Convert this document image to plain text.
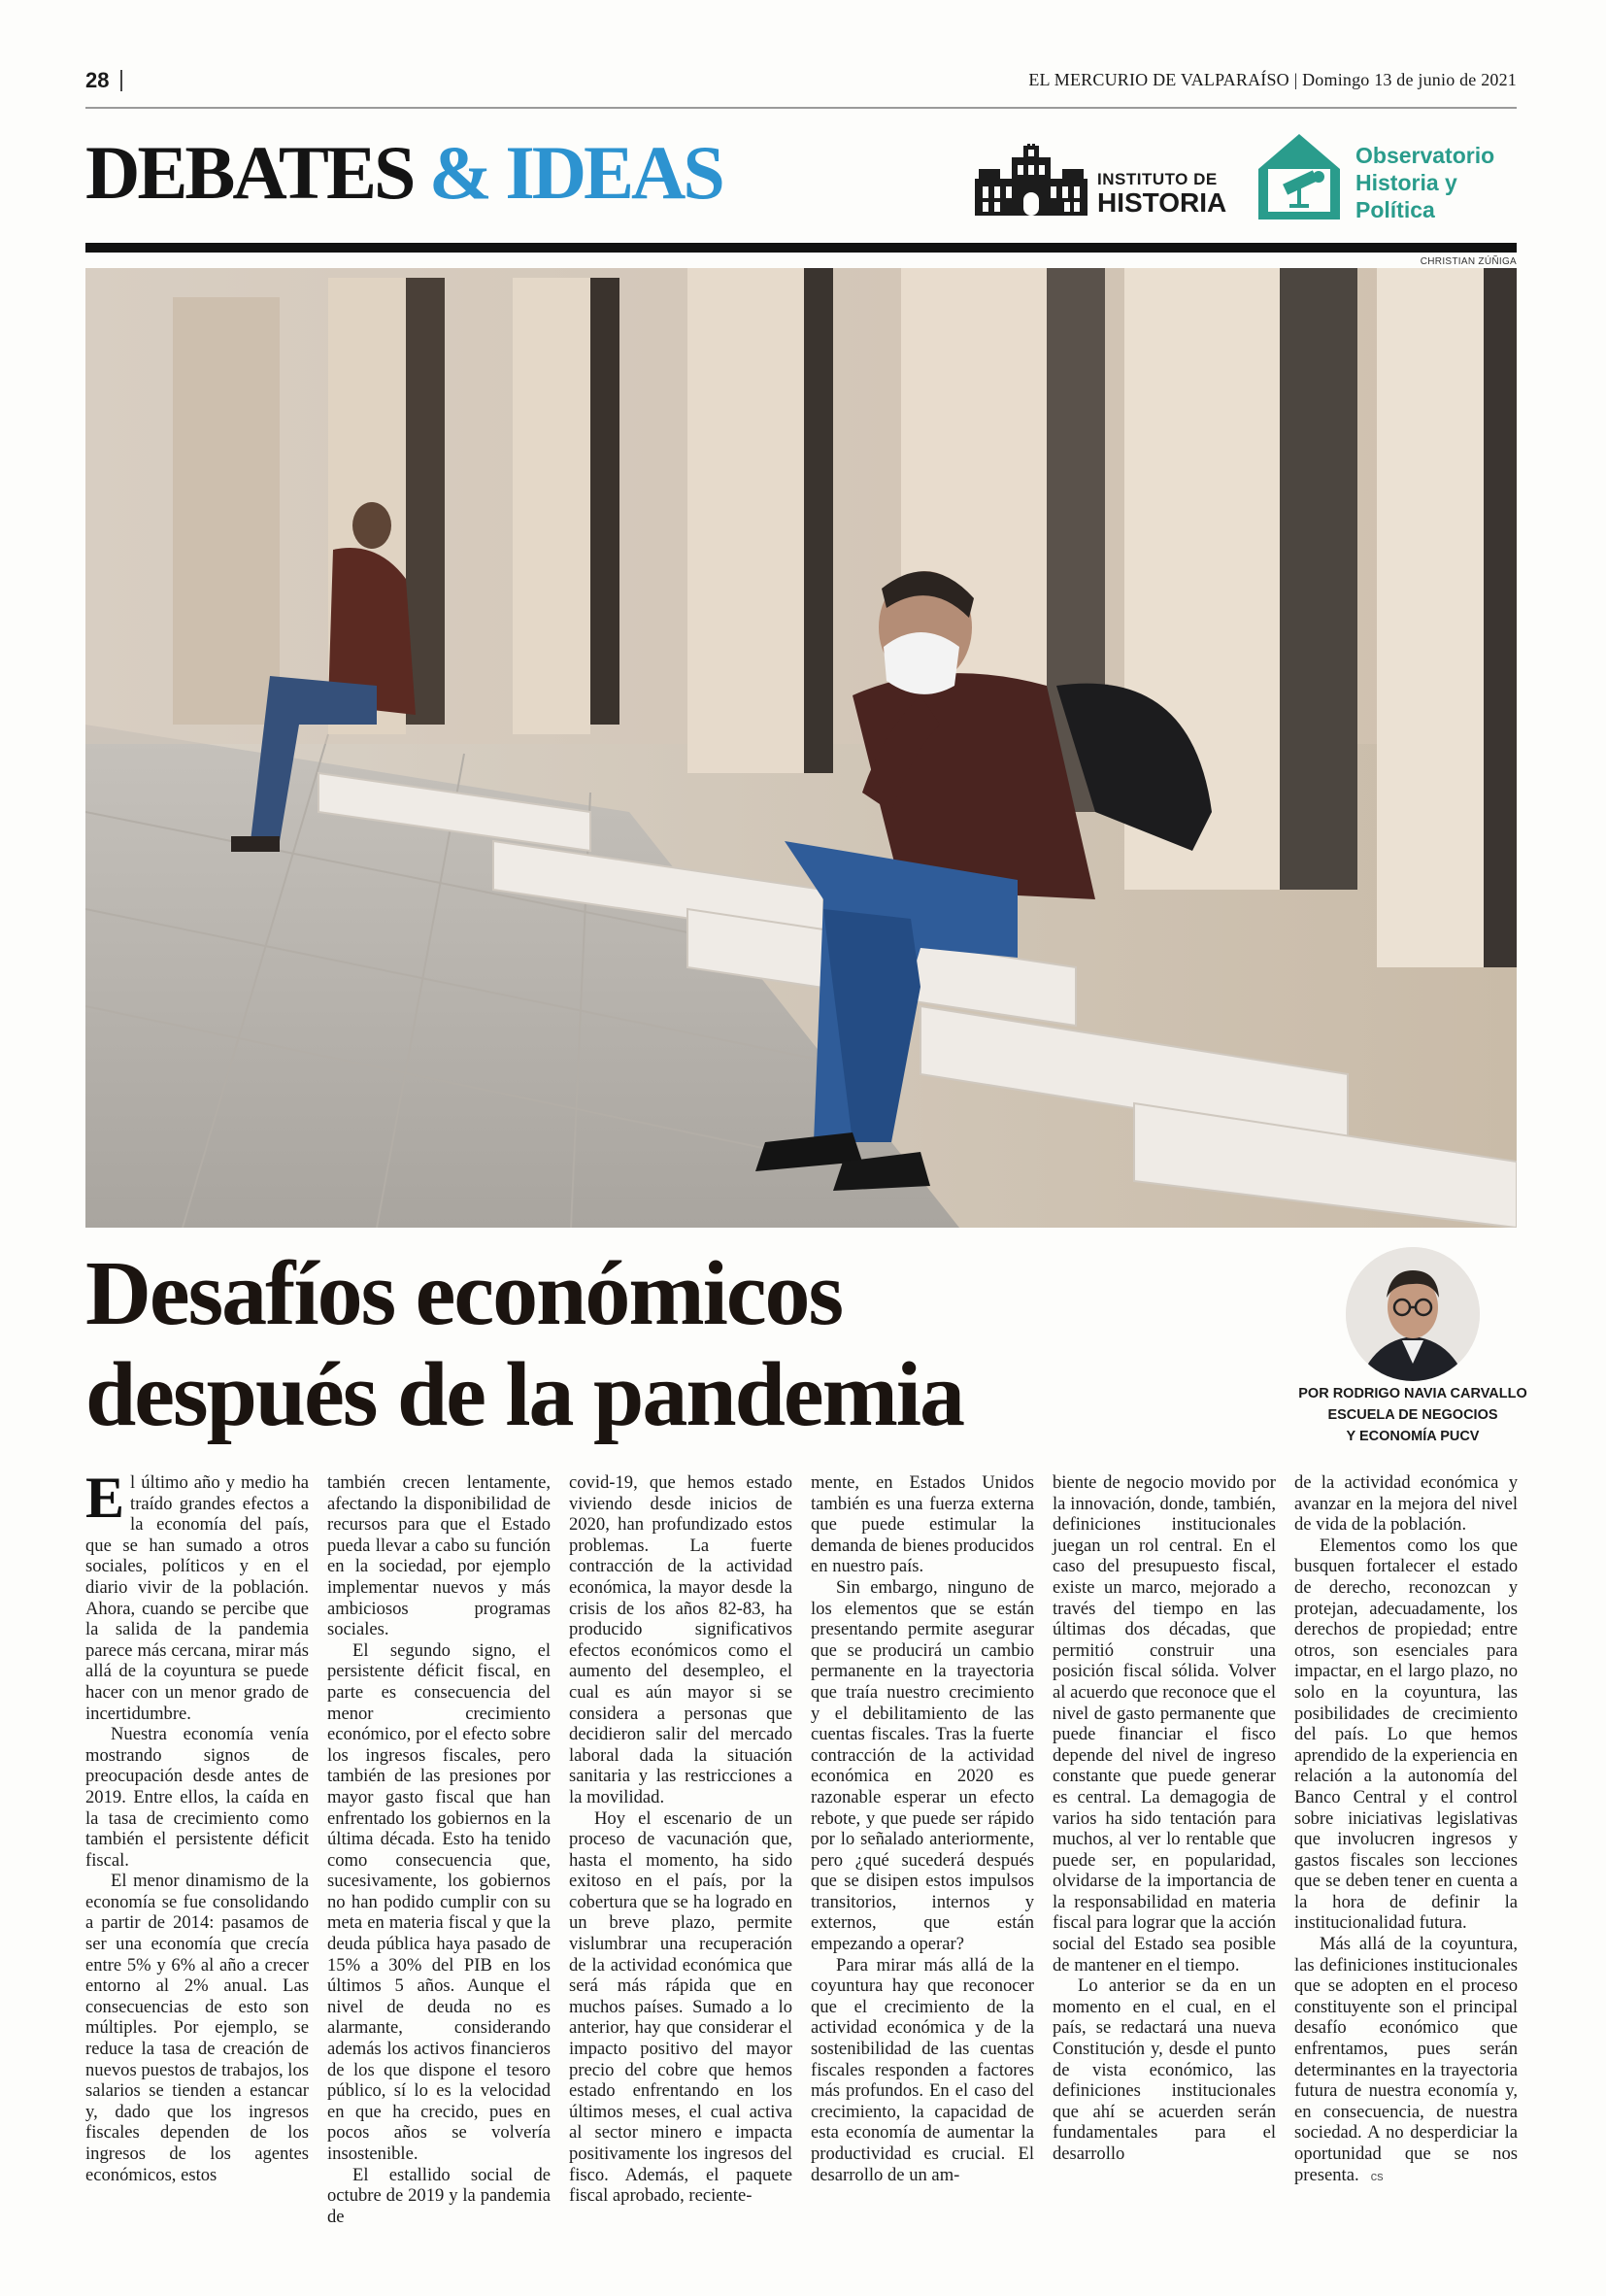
28	EL MERCURIO DE VALPARAÍSO | Domingo 13 de junio de 2021
DEBATES & IDEAS	INSTITUTO DE
HISTORIA
Observatorio
Historia y
Política
CHRISTIAN ZÚÑIGA
Desafíos económicos
después de la pandemia	POR RODRIGO NAVIA CARVALLO
ESCUELA DE NEGOCIOS
Y ECONOMÍA PUCV

El último año y medio ha traído grandes efectos a la economía del país, que se han sumado a otros sociales, políticos y en el diario vivir de la población. Ahora, cuando se percibe que la salida de la pandemia parece más cercana, mirar más allá de la coyuntura se puede hacer con un menor grado de incertidumbre.

Nuestra economía venía mostrando signos de preocupación desde antes de 2019. Entre ellos, la caída en la tasa de crecimiento como también el persistente déficit fiscal.

El menor dinamismo de la economía se fue consolidando a partir de 2014: pasamos de ser una economía que crecía entre 5% y 6% al año a crecer entorno al 2% anual. Las consecuencias de esto son múltiples. Por ejemplo, se reduce la tasa de creación de nuevos puestos de trabajos, los salarios se tienden a estancar y, dado que los ingresos fiscales dependen de los ingresos de los agentes económicos, estos

también crecen lentamente, afectando la disponibilidad de recursos para que el Estado pueda llevar a cabo su función en la sociedad, por ejemplo implementar nuevos y más ambiciosos programas sociales.

El segundo signo, el persistente déficit fiscal, en parte es consecuencia del menor crecimiento económico, por el efecto sobre los ingresos fiscales, pero también de las presiones por mayor gasto fiscal que han enfrentado los gobiernos en la última década. Esto ha tenido como consecuencia que, sucesivamente, los gobiernos no han podido cumplir con su meta en materia fiscal y que la deuda pública haya pasado de 15% a 30% del PIB en los últimos 5 años. Aunque el nivel de deuda no es alarmante, considerando además los activos financieros de los que dispone el tesoro público, sí lo es la velocidad en que ha crecido, pues en pocos años se volvería insostenible.

El estallido social de octubre de 2019 y la pandemia de

covid-19, que hemos estado viviendo desde inicios de 2020, han profundizado estos problemas. La fuerte contracción de la actividad económica, la mayor desde la crisis de los años 82-83, ha producido significativos efectos económicos como el aumento del desempleo, el cual es aún mayor si se considera a personas que decidieron salir del mercado laboral dada la situación sanitaria y las restricciones a la movilidad.

Hoy el escenario de un proceso de vacunación que, hasta el momento, ha sido exitoso en el país, por la cobertura que se ha logrado en un breve plazo, permite vislumbrar una recuperación de la actividad económica que será más rápida que en muchos países. Sumado a lo anterior, hay que considerar el impacto positivo del mayor precio del cobre que hemos estado enfrentando en los últimos meses, el cual activa al sector minero e impacta positivamente los ingresos del fisco. Además, el paquete fiscal aprobado, reciente-

mente, en Estados Unidos también es una fuerza externa que puede estimular la demanda de bienes producidos en nuestro país.

Sin embargo, ninguno de los elementos que se están presentando permite asegurar que se producirá un cambio permanente en la trayectoria que traía nuestro crecimiento y el debilitamiento de las cuentas fiscales. Tras la fuerte contracción de la actividad económica en 2020 es razonable esperar un efecto rebote, y que puede ser rápido por lo señalado anteriormente, pero ¿qué sucederá después que se disipen estos impulsos transitorios, internos y externos, que están empezando a operar?

Para mirar más allá de la coyuntura hay que reconocer que el crecimiento de la actividad económica y de la sostenibilidad de las cuentas fiscales responden a factores más profundos. En el caso del crecimiento, la capacidad de esta economía de aumentar la productividad es crucial. El desarrollo de un am-

biente de negocio movido por la innovación, donde, también, definiciones institucionales juegan un rol central. En el caso del presupuesto fiscal, existe un marco, mejorado a través del tiempo en las últimas dos décadas, que permitió construir una posición fiscal sólida. Volver al acuerdo que reconoce que el nivel de gasto permanente que puede financiar el fisco depende del nivel de ingreso constante que puede generar es central. La demagogia de varios ha sido tentación para muchos, al ver lo rentable que puede ser, en popularidad, olvidarse de la importancia de la responsabilidad en materia fiscal para lograr que la acción social del Estado sea posible de mantener en el tiempo.

Lo anterior se da en un momento en el cual, en el país, se redactará una nueva Constitución y, desde el punto de vista económico, las definiciones institucionales que ahí se acuerden serán fundamentales para el desarrollo

de la actividad económica y avanzar en la mejora del nivel de vida de la población.

Elementos como los que busquen fortalecer el estado de derecho, reconozcan y protejan, adecuadamente, los derechos de propiedad; entre otros, son esenciales para impactar, en el largo plazo, no solo en la coyuntura, las posibilidades de crecimiento del país. Lo que hemos aprendido de la experiencia en relación a la autonomía del Banco Central y el control sobre iniciativas legislativas que involucren ingresos y gastos fiscales son lecciones que se deben tener en cuenta a la hora de definir la institucionalidad futura.

Más allá de la coyuntura, las definiciones institucionales que se adopten en el proceso constituyente son el principal desafío económico que enfrentamos, pues serán determinantes en la trayectoria futura de nuestra economía y, en consecuencia, de nuestra sociedad. A no desperdiciar la oportunidad que se nos presenta. cs
